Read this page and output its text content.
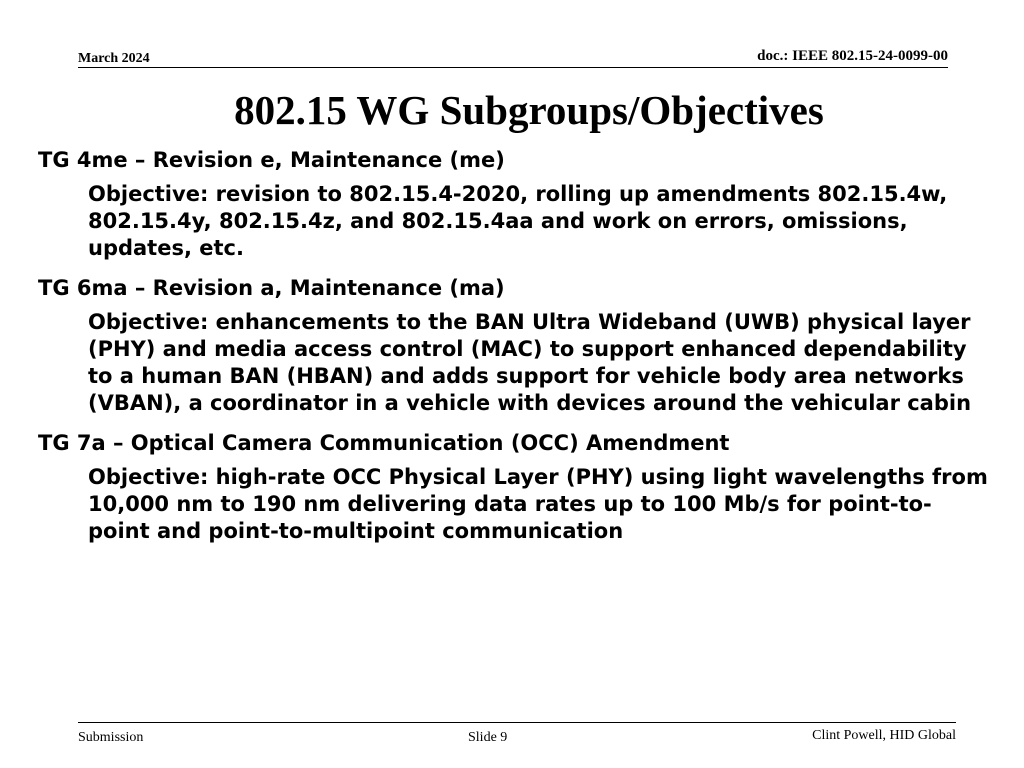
March 2024	doc.: IEEE 802.15-24-0099-00
802.15 WG Subgroups/Objectives

TG 4me – Revision e, Maintenance (me)

Objective: revision to 802.15.4-2020, rolling up amendments 802.15.4w, 802.15.4y, 802.15.4z, and 802.15.4aa and work on errors, omissions, updates, etc.

TG 6ma – Revision a, Maintenance (ma)

Objective: enhancements to the BAN Ultra Wideband (UWB) physical layer (PHY) and media access control (MAC) to support enhanced dependability to a human BAN (HBAN) and adds support for vehicle body area networks (VBAN), a coordinator in a vehicle with devices around the vehicular cabin

TG 7a – Optical Camera Communication (OCC) Amendment

Objective: high-rate OCC Physical Layer (PHY) using light wavelengths from 10,000 nm to 190 nm delivering data rates up to 100 Mb/s for point-to-point and point-to-multipoint communication

Submission	Slide 9	Clint Powell, HID Global
